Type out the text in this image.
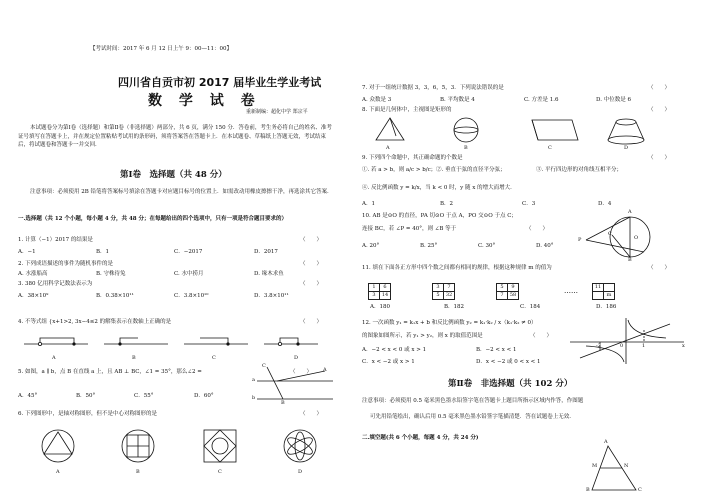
【考试时间：2017 年 6 月 12 日上午 9：00—11：00】
四川省自贡市初 2017 届毕业生学业考试
数 学 试 卷
重新制编：超化中学 郑宗平
本试题卷分为第Ⅰ卷（选择题）和第Ⅱ卷（非选择题）两部分，共 6 页，满分 150 分．答卷前，考生务必将自己的姓名、准考证号填写在答题卡上，并在规定位置粘贴考试用的条形码，须将答案答在答题卡上．在本试题卷、草稿纸上答题无效，考试结束后，将试题卷和答题卡一并交回.
第Ⅰ卷　选择题（共 48 分）
注意事项：必须使用 2B 铅笔将答案标号填涂在答题卡对应题目标号的位置上．如需改动用橡皮擦擦干净，再选涂其它答案.
一.选择题（共 12 个小题，每小题 4 分，共 48 分；在每题给出的四个选项中，只有一项是符合题目要求的）
1. 计算（−1）2017 的结果是	（　　）
A．−1	B．1	C．−2017	D．2017
2. 下列成语描述的事件为随机事件的是	（　　）
A. 水涨船高	B. 守株待兔	C. 水中捞月	D. 缘木求鱼
3. 380 亿用科学记数法表示为	（　　）
A．38×10⁹	B．0.38×10¹¹	C．3.8×10¹⁰	D．3.8×10¹¹
4. 不等式组 {x+1>2, 3x−4≤2 的解集表示在数轴上正确的是	（　　）
A	B	C	D
5. 如图，a ∥ b，点 B 在直线 a 上，且 AB ⊥ BC，∠1 = 35°，那么∠2 =	（　　）
A．45°	B．50°	C．55°	D．60°
a
b
C
A
B
6. 下列图形中，是轴对称图形，但不是中心对称图形的是	（　　）
A	B	C	D
7. 对于一组统计数据 3，3，6，5，3．下列说法错误的是	（　　）
A. 众数是 3	B. 平均数是 4	C. 方差是 1.6	D. 中位数是 6
8. 下面是几何体中，主视图是矩形的	（　　）
A	B	C	D
9. 下列四个命题中，其正确命题的个数是	（　　）
①. 若 a > b，则 a/c > b/c； ②. 垂直于弦的直径平分弦；	③. 平行四边形的对角线互相平分；
④. 反比例函数 y = k/x，当 k < 0 时，y 随 x 的增大而增大．
A．1	B．2	C．3	D．4
10. AB 是⊙O 的直径，PA 切⊙O 于点 A，PO 交⊙O 于点 C；
连接 BC，若 ∠P = 40°，则 ∠B 等于	（　　）
A. 20°	B. 25°	C. 30°	D. 40°
A
B
P
C
O
11. 填在下面各正方形中四个数之间都有相同的规律，根据这种规律 m 的值为	（　　）
1	6
3	14
3	7
5	32
5	9
7	58	……	11	
	m
A．180	B．182	C．184	D．186
12. 一次函数 y₁ = k₁x + b 和反比例函数 y₂ = k₁·k₂ / x（k₁·k₂ ≠ 0）
的图象如图所示，若 y₁ > y₂，则 x 的取值范围是	（　　）
A．−2 < x < 0 或 x > 1	B．−2 < x < 1
C．x < −2 或 x > 1	D．x < −2 或 0 < x < 1
-2	0	1	x
第Ⅱ卷　非选择题（共 102 分）
注意事项：必须使用 0.5 毫米黑色墨水铅签字笔在答题卡上题目所指示区域内作答，作图题
可先用铅笔绘出，确认后用 0.5 毫米黑色墨水铅签字笔描清楚．答在试题卷上无效.
二.填空题(共 6 个小题，每题 4 分，共 24 分)
A
M	N
B	C
